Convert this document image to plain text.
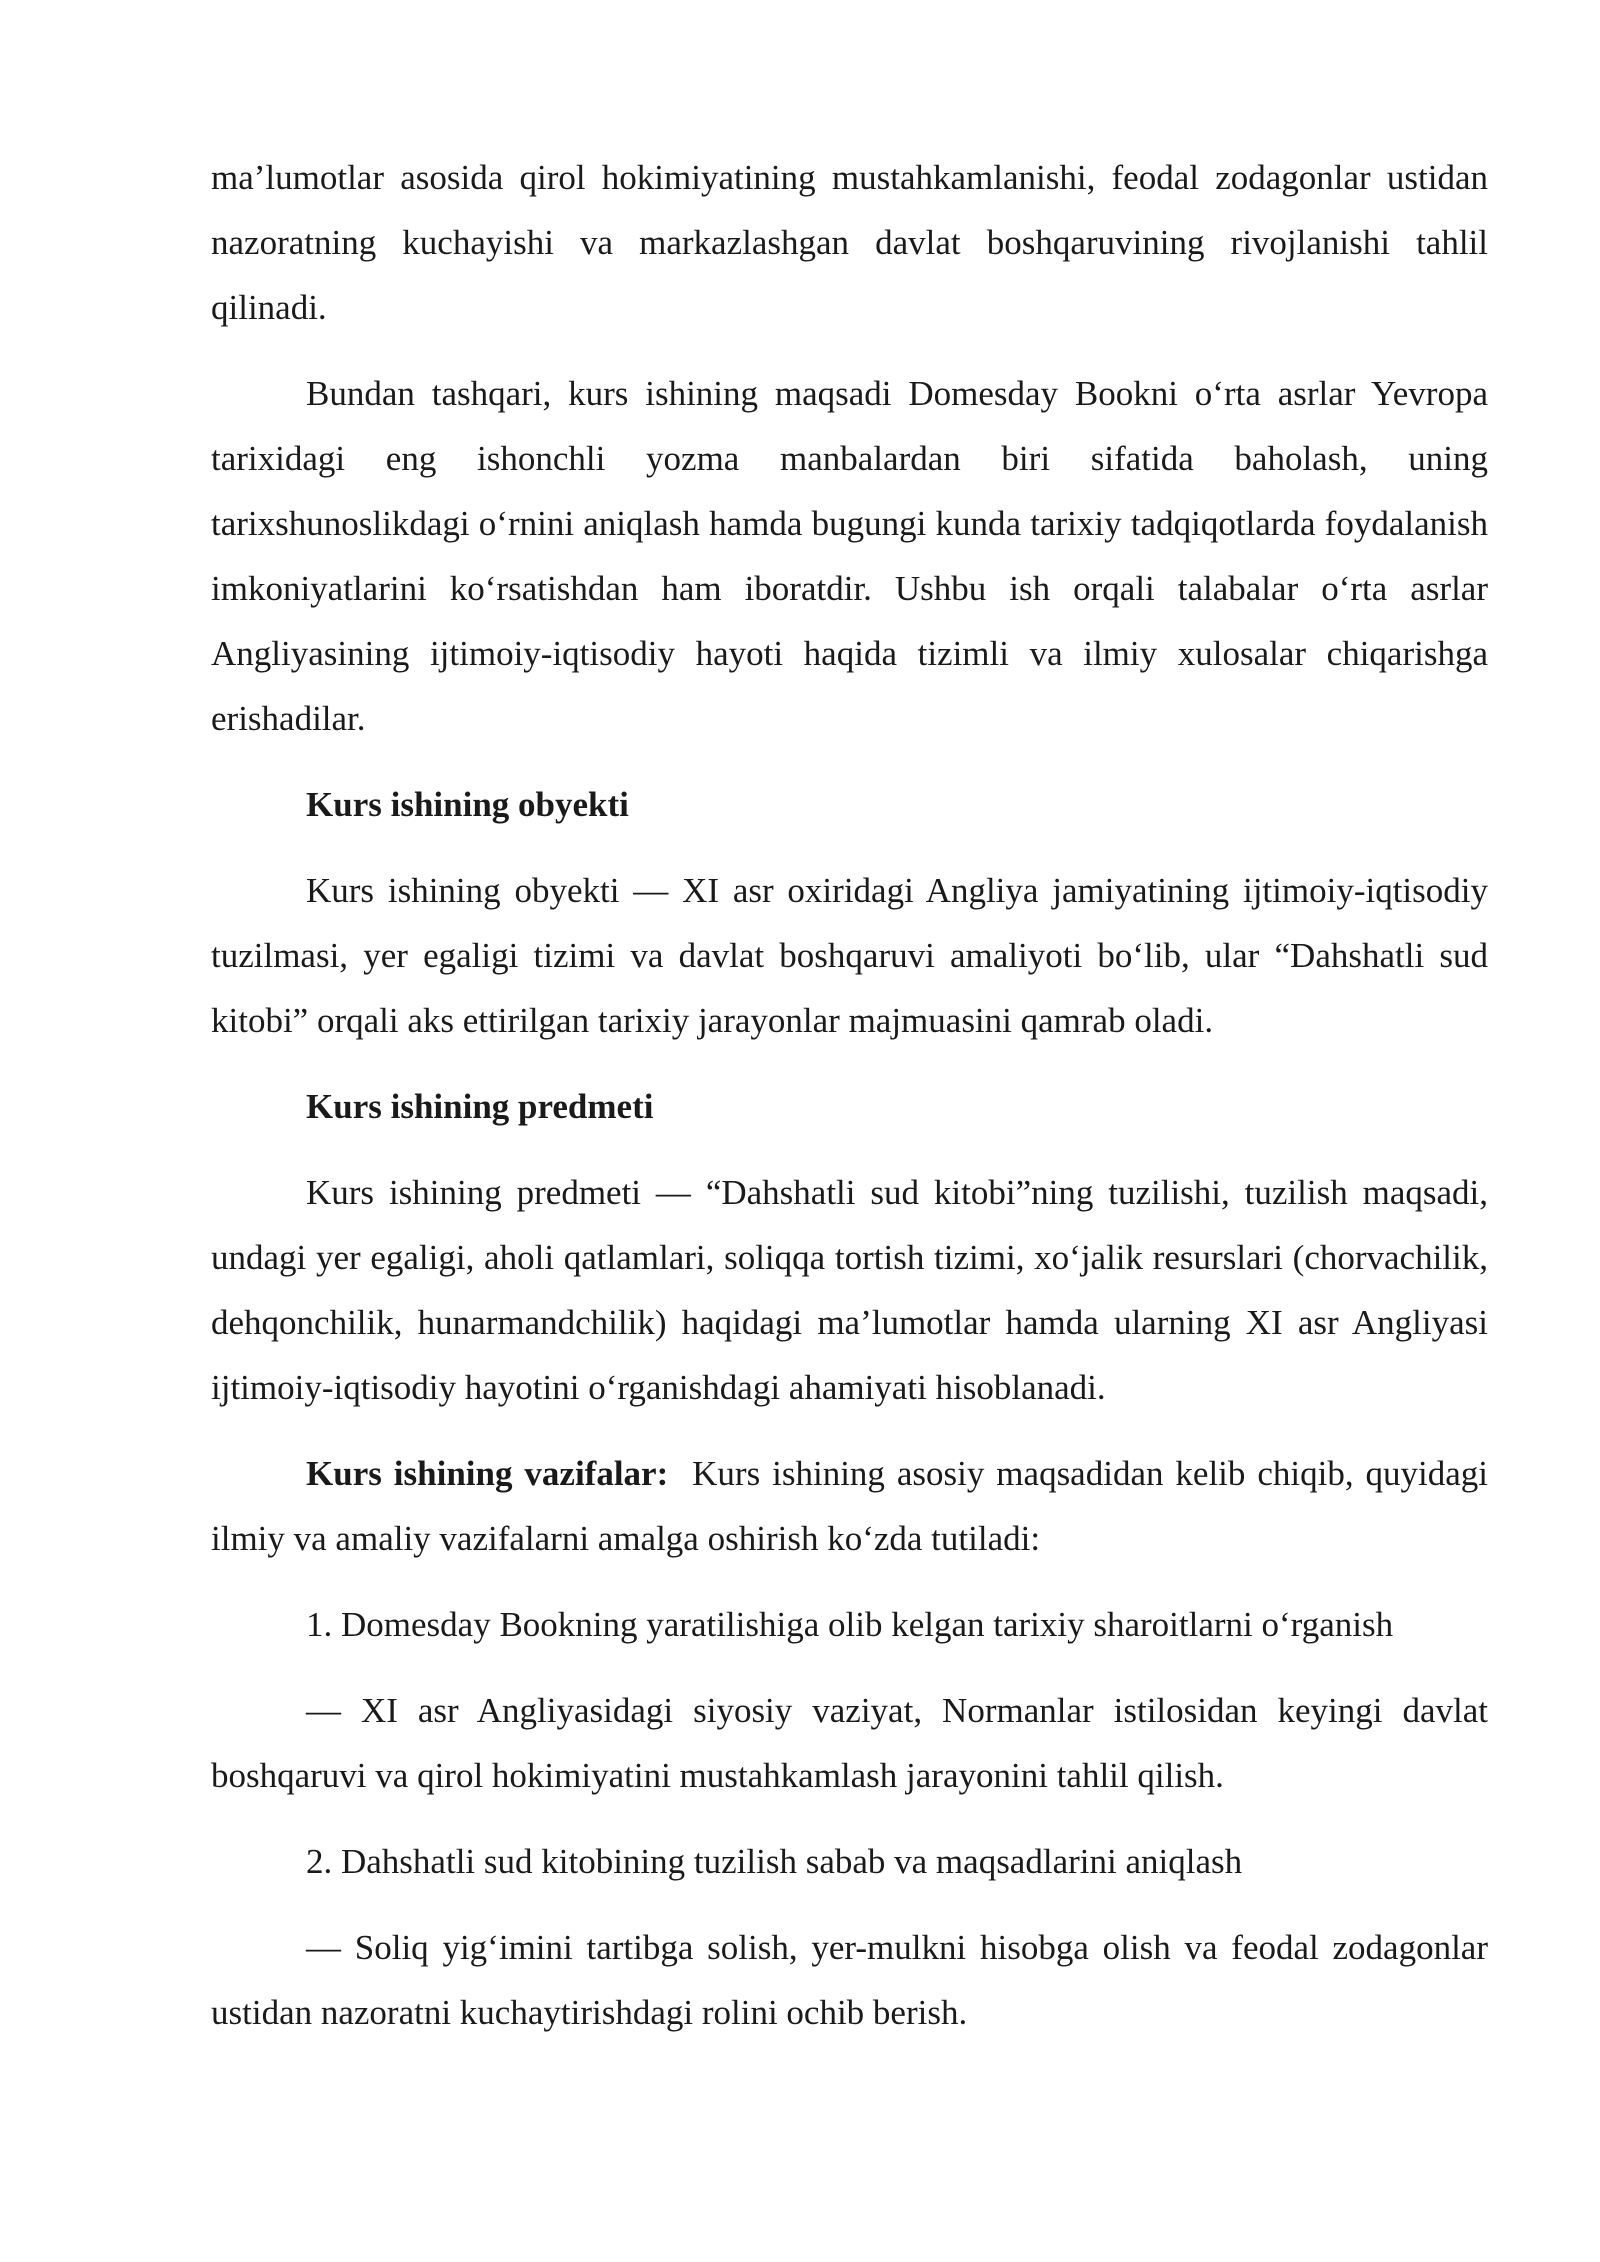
ma’lumotlar asosida qirol hokimiyatining mustahkamlanishi, feodal zodagonlar ustidan nazoratning kuchayishi va markazlashgan davlat boshqaruvining rivojlanishi tahlil qilinadi.

Bundan tashqari, kurs ishining maqsadi Domesday Bookni o‘rta asrlar Yevropa tarixidagi eng ishonchli yozma manbalardan biri sifatida baholash, uning tarixshunoslikdagi o‘rnini aniqlash hamda bugungi kunda tarixiy tadqiqotlarda foydalanish imkoniyatlarini ko‘rsatishdan ham iboratdir. Ushbu ish orqali talabalar o‘rta asrlar Angliyasining ijtimoiy-iqtisodiy hayoti haqida tizimli va ilmiy xulosalar chiqarishga erishadilar.

Kurs ishining obyekti

Kurs ishining obyekti — XI asr oxiridagi Angliya jamiyatining ijtimoiy-iqtisodiy tuzilmasi, yer egaligi tizimi va davlat boshqaruvi amaliyoti bo‘lib, ular “Dahshatli sud kitobi” orqali aks ettirilgan tarixiy jarayonlar majmuasini qamrab oladi.

Kurs ishining predmeti

Kurs ishining predmeti — “Dahshatli sud kitobi”ning tuzilishi, tuzilish maqsadi, undagi yer egaligi, aholi qatlamlari, soliqqa tortish tizimi, xo‘jalik resurslari (chorvachilik, dehqonchilik, hunarmandchilik) haqidagi ma’lumotlar hamda ularning XI asr Angliyasi ijtimoiy-iqtisodiy hayotini o‘rganishdagi ahamiyati hisoblanadi.

Kurs ishining vazifalar: Kurs ishining asosiy maqsadidan kelib chiqib, quyidagi ilmiy va amaliy vazifalarni amalga oshirish ko‘zda tutiladi:

1. Domesday Bookning yaratilishiga olib kelgan tarixiy sharoitlarni o‘rganish

— XI asr Angliyasidagi siyosiy vaziyat, Normanlar istilosidan keyingi davlat boshqaruvi va qirol hokimiyatini mustahkamlash jarayonini tahlil qilish.

2. Dahshatli sud kitobining tuzilish sabab va maqsadlarini aniqlash

— Soliq yig‘imini tartibga solish, yer-mulkni hisobga olish va feodal zodagonlar ustidan nazoratni kuchaytirishdagi rolini ochib berish.
